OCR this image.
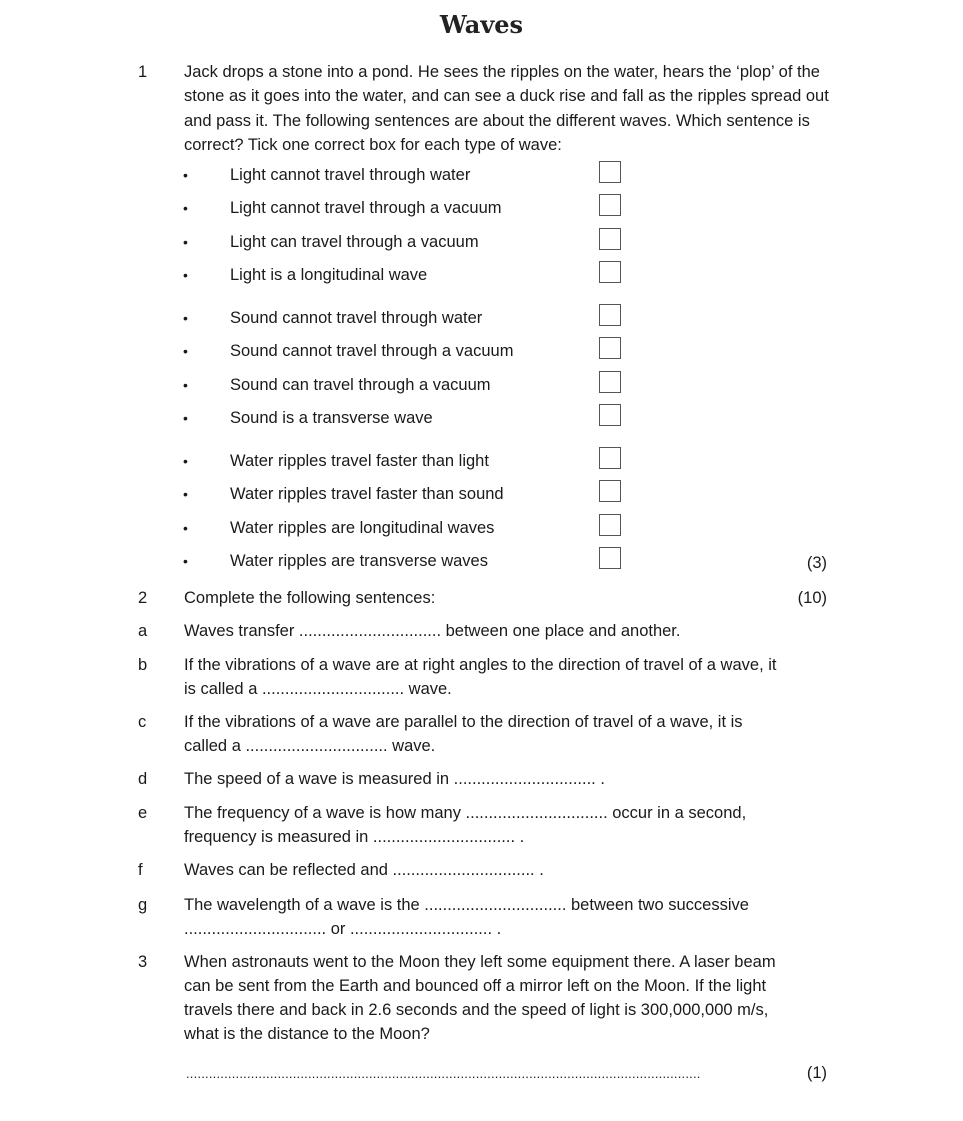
Waves
1	Jack drops a stone into a pond. He sees the ripples on the water, hears the ‘plop’ of the stone as it goes into the water, and can see a duck rise and fall as the ripples spread out and pass it. The following sentences are about the different waves. Which sentence is correct? Tick one correct box for each type of wave:
•	Light cannot travel through water
•	Light cannot travel through a vacuum
•	Light can travel through a vacuum
•	Light is a longitudinal wave
•	Sound cannot travel through water
•	Sound cannot travel through a vacuum
•	Sound can travel through a vacuum
•	Sound is a transverse wave
•	Water ripples travel faster than light
•	Water ripples travel faster than sound
•	Water ripples are longitudinal waves
•	Water ripples are transverse waves	(3)
2	Complete the following sentences:	(10)
a	Waves transfer ............................... between one place and another.
b	If the vibrations of a wave are at right angles to the direction of travel of a wave, it
is called a ............................... wave.
c	If the vibrations of a wave are parallel to the direction of travel of a wave, it is
called a ............................... wave.
d	The speed of a wave is measured in ............................... .
e	The frequency of a wave is how many ............................... occur in a second,
frequency is measured in ............................... .
f	Waves can be reflected and ............................... .
g	The wavelength of a wave is the ............................... between two successive
............................... or ............................... .
3	When astronauts went to the Moon they left some equipment there. A laser beam
can be sent from the Earth and bounced off a mirror left on the Moon. If the light
travels there and back in 2.6 seconds and the speed of light is 300,000,000 m/s,
what is the distance to the Moon?
.......................................................................................................................................	(1)
